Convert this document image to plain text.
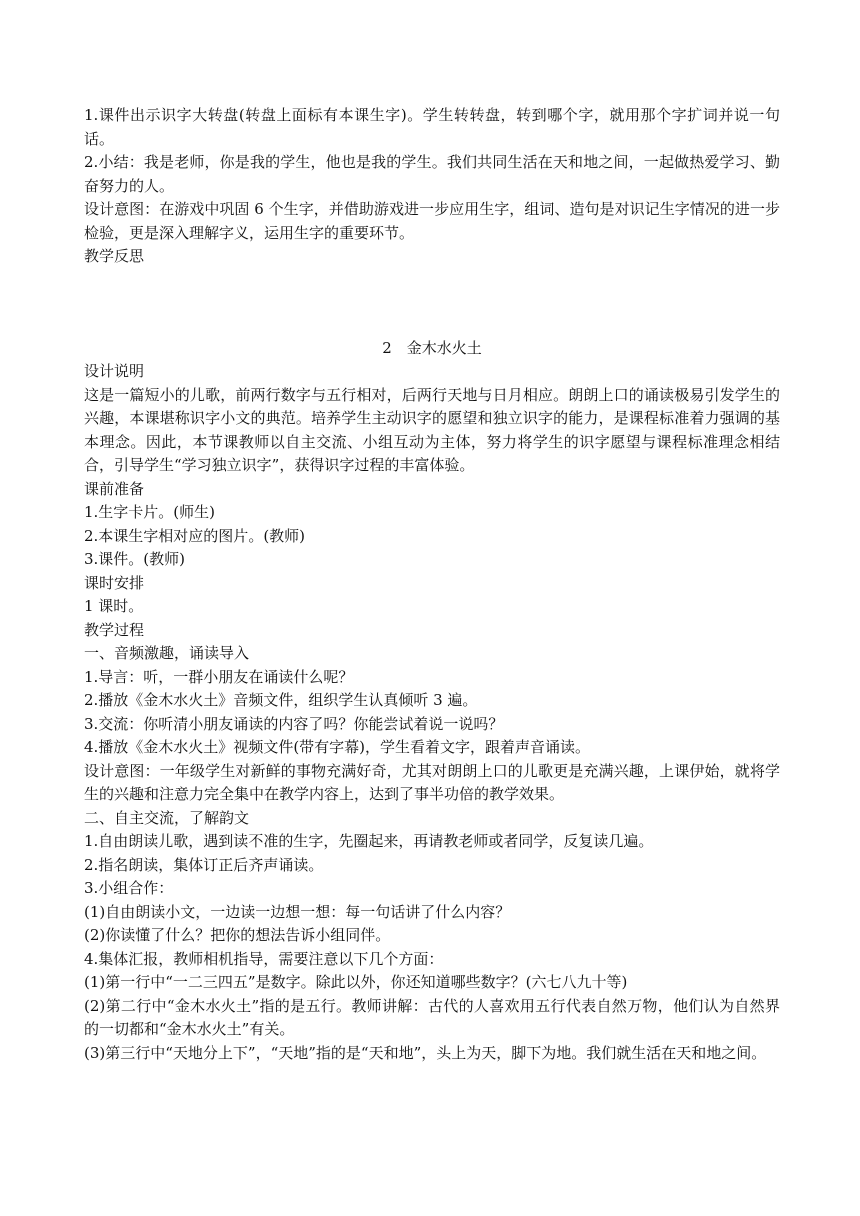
1.课件出示识字大转盘(转盘上面标有本课生字)。学生转转盘，转到哪个字，就用那个字扩词并说一句话。

2.小结：我是老师，你是我的学生，他也是我的学生。我们共同生活在天和地之间，一起做热爱学习、勤奋努力的人。

设计意图：在游戏中巩固 6 个生字，并借助游戏进一步应用生字，组词、造句是对识记生字情况的进一步检验，更是深入理解字义，运用生字的重要环节。

教学反思

2　金木水火土

设计说明

这是一篇短小的儿歌，前两行数字与五行相对，后两行天地与日月相应。朗朗上口的诵读极易引发学生的兴趣，本课堪称识字小文的典范。培养学生主动识字的愿望和独立识字的能力，是课程标准着力强调的基本理念。因此，本节课教师以自主交流、小组互动为主体，努力将学生的识字愿望与课程标准理念相结合，引导学生“学习独立识字”，获得识字过程的丰富体验。

课前准备

1.生字卡片。(师生)

2.本课生字相对应的图片。(教师)

3.课件。(教师)

课时安排

1 课时。

教学过程

一、音频激趣，诵读导入

1.导言：听，一群小朋友在诵读什么呢？

2.播放《金木水火土》音频文件，组织学生认真倾听 3 遍。

3.交流：你听清小朋友诵读的内容了吗？你能尝试着说一说吗？

4.播放《金木水火土》视频文件(带有字幕)，学生看着文字，跟着声音诵读。

设计意图：一年级学生对新鲜的事物充满好奇，尤其对朗朗上口的儿歌更是充满兴趣，上课伊始，就将学生的兴趣和注意力完全集中在教学内容上，达到了事半功倍的教学效果。

二、自主交流，了解韵文

1.自由朗读儿歌，遇到读不准的生字，先圈起来，再请教老师或者同学，反复读几遍。

2.指名朗读，集体订正后齐声诵读。

3.小组合作：

(1)自由朗读小文，一边读一边想一想：每一句话讲了什么内容？

(2)你读懂了什么？把你的想法告诉小组同伴。

4.集体汇报，教师相机指导，需要注意以下几个方面：

(1)第一行中“一二三四五”是数字。除此以外，你还知道哪些数字？(六七八九十等)

(2)第二行中“金木水火土”指的是五行。教师讲解：古代的人喜欢用五行代表自然万物，他们认为自然界的一切都和“金木水火土”有关。

(3)第三行中“天地分上下”，“天地”指的是“天和地”，头上为天，脚下为地。我们就生活在天和地之间。
